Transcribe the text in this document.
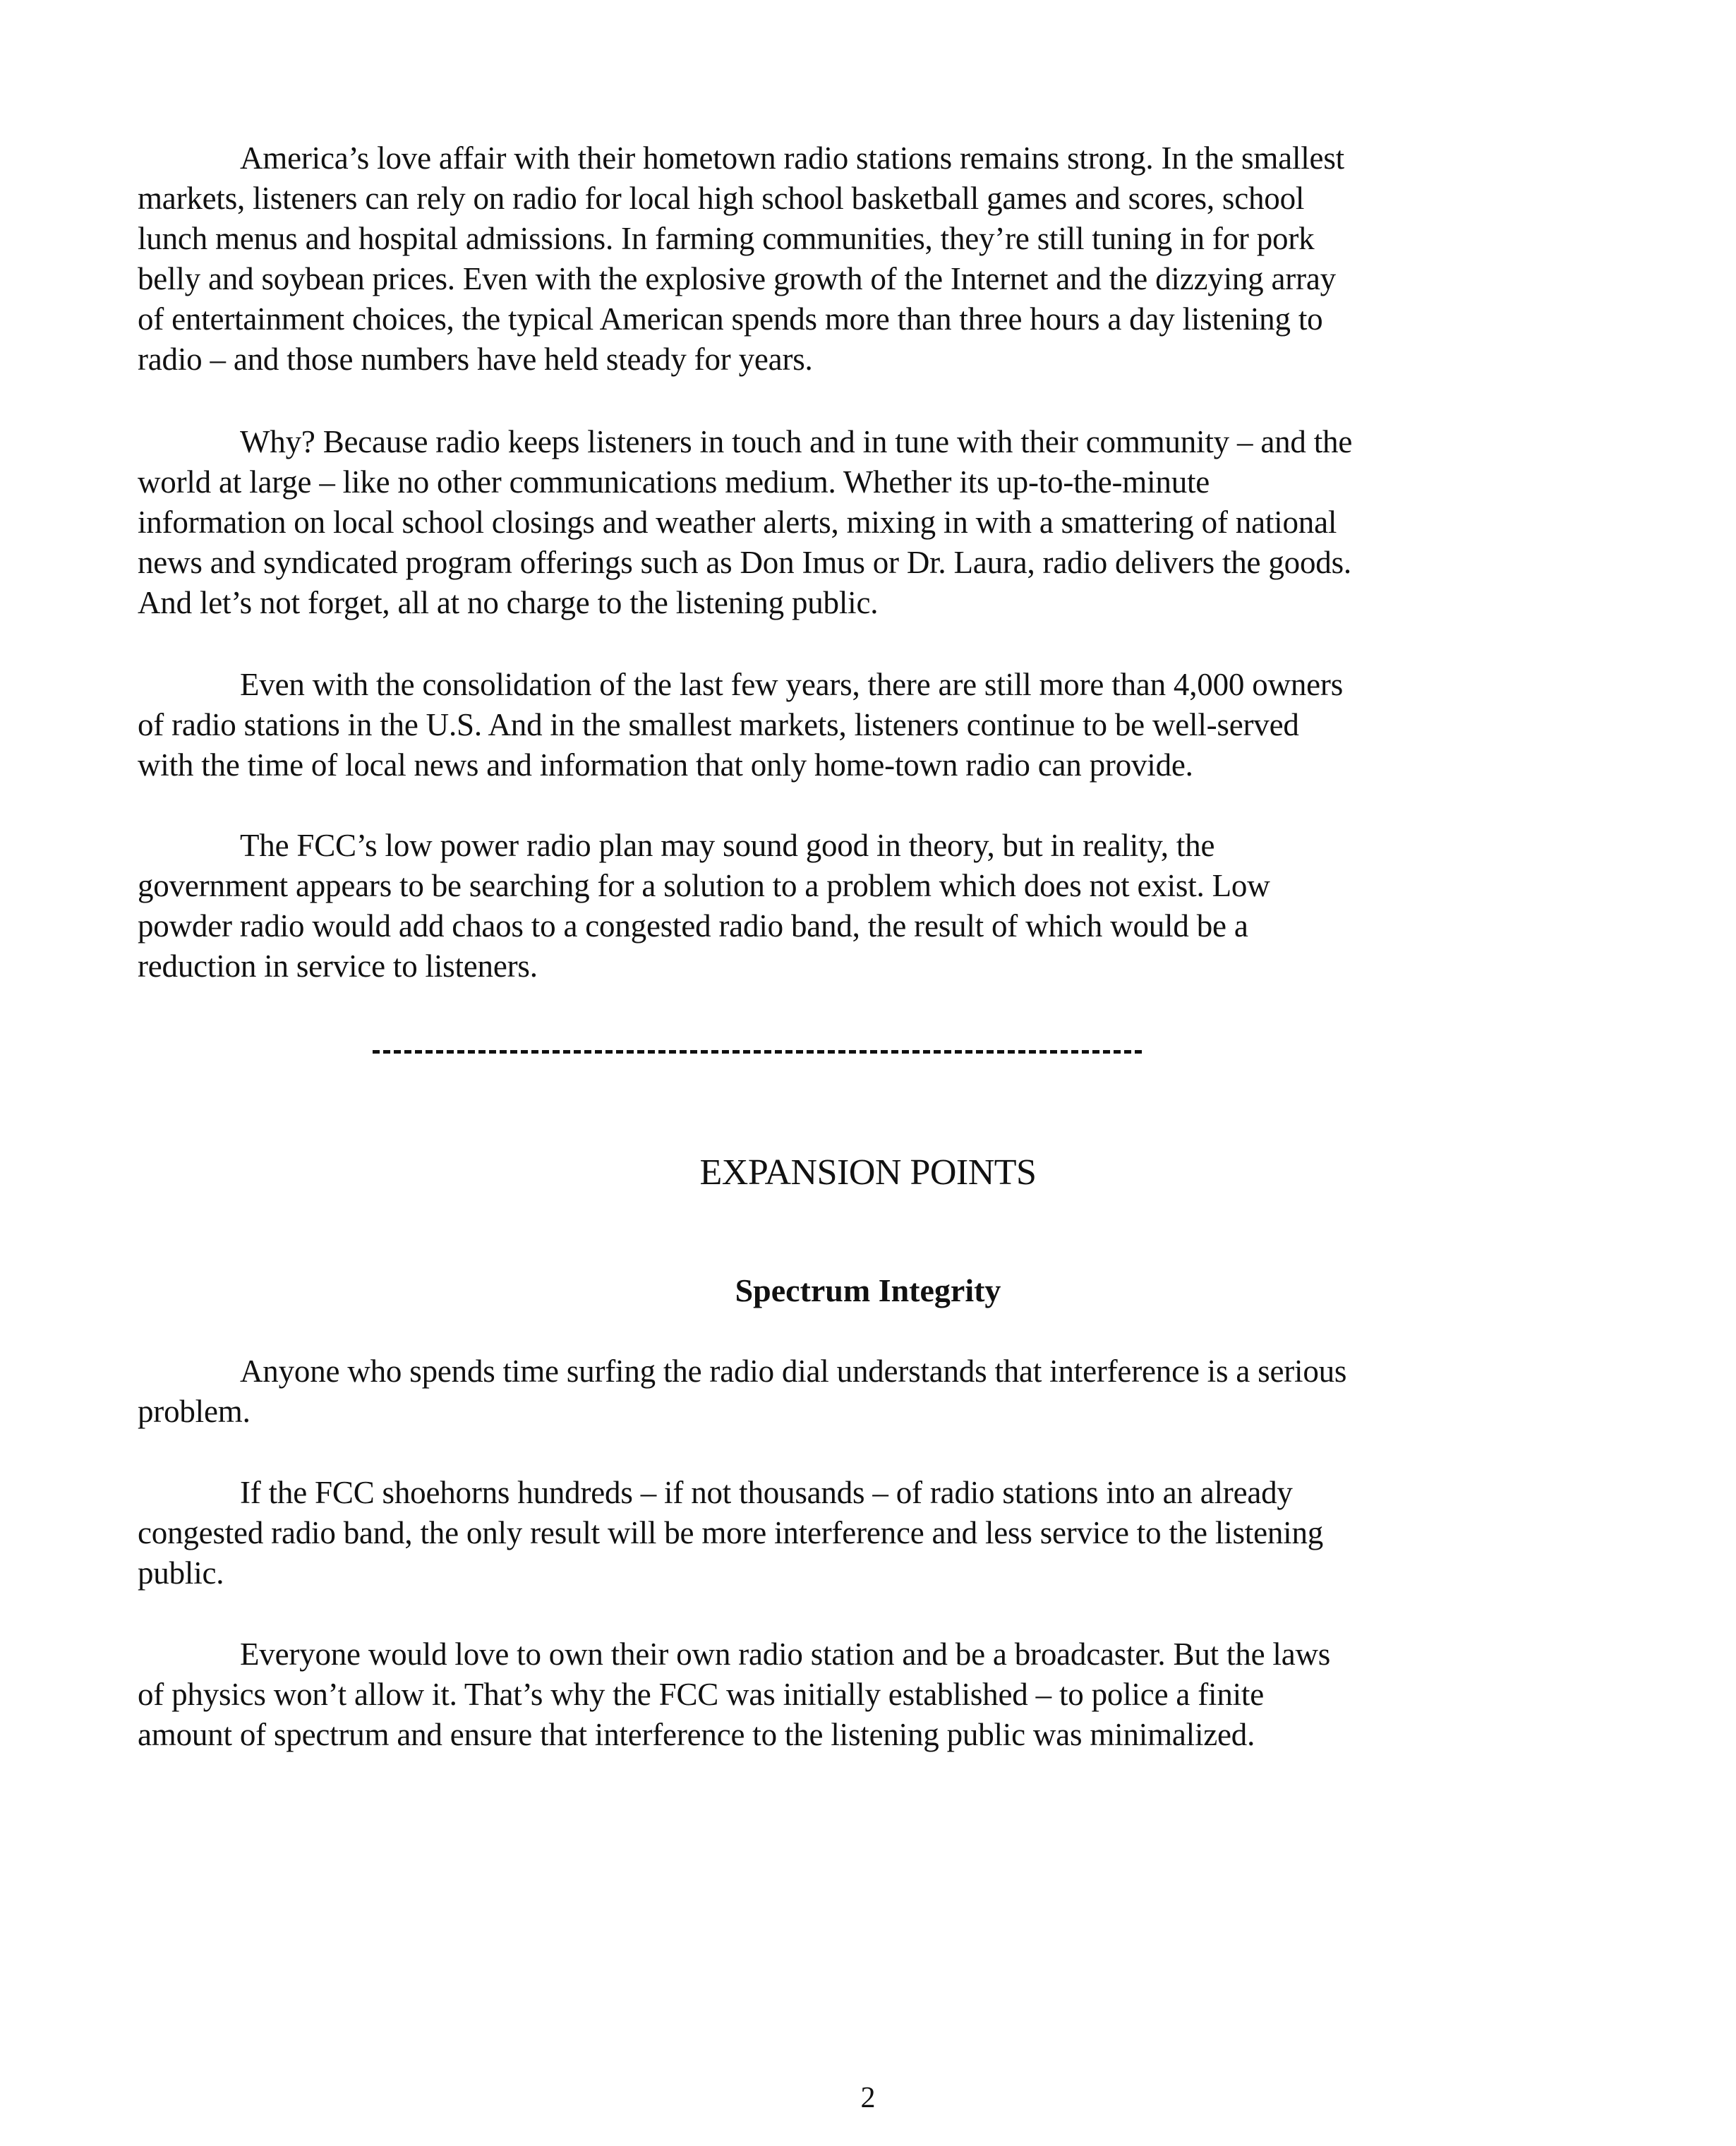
America’s love affair with their hometown radio stations remains strong. In the smallest
markets, listeners can rely on radio for local high school basketball games and scores, school
lunch menus and hospital admissions. In farming communities, they’re still tuning in for pork
belly and soybean prices. Even with the explosive growth of the Internet and the dizzying array
of entertainment choices, the typical American spends more than three hours a day listening to
radio – and those numbers have held steady for years.

Why? Because radio keeps listeners in touch and in tune with their community – and the
world at large – like no other communications medium. Whether its up-to-the-minute
information on local school closings and weather alerts, mixing in with a smattering of national
news and syndicated program offerings such as Don Imus or Dr. Laura, radio delivers the goods.
And let’s not forget, all at no charge to the listening public.

Even with the consolidation of the last few years, there are still more than 4,000 owners
of radio stations in the U.S. And in the smallest markets, listeners continue to be well-served
with the time of local news and information that only home-town radio can provide.

The FCC’s low power radio plan may sound good in theory, but in reality, the
government appears to be searching for a solution to a problem which does not exist. Low
powder radio would add chaos to a congested radio band, the result of which would be a
reduction in service to listeners.

EXPANSION POINTS
Spectrum Integrity

Anyone who spends time surfing the radio dial understands that interference is a serious
problem.

If the FCC shoehorns hundreds – if not thousands – of radio stations into an already
congested radio band, the only result will be more interference and less service to the listening
public.

Everyone would love to own their own radio station and be a broadcaster. But the laws
of physics won’t allow it. That’s why the FCC was initially established – to police a finite
amount of spectrum and ensure that interference to the listening public was minimalized.

2
